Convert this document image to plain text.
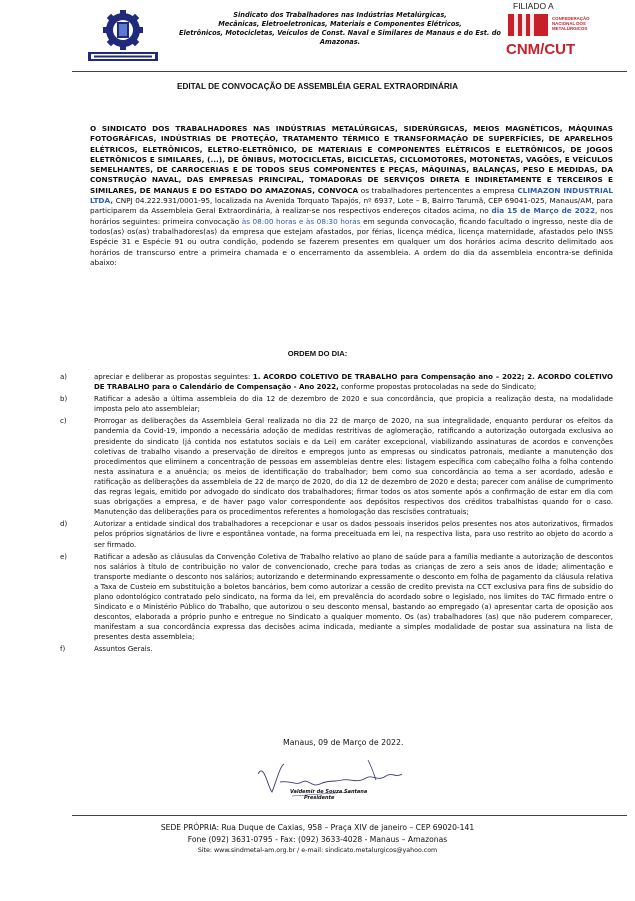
Sindicato dos Trabalhadores nas Indústrias Metalúrgicas,
Mecânicas, Eletroeletronicas, Materiais e Componentes Elétricos,
Eletrônicos, Motocicletas, Veículos de Const. Naval e Similares de Manaus e do Est. do
Amazonas.
FILIADO A
CONFEDERAÇÃO
NACIONAL DOS
METALÚRGICOS
CNM/CUT
EDITAL DE CONVOCAÇÃO DE ASSEMBLÉIA GERAL EXTRAORDINÁRIA
O SINDICATO DOS TRABALHADORES NAS INDÚSTRIAS METALÚRGICAS, SIDERÚRGICAS, MEIOS MAGNÉTICOS, MÁQUINAS FOTOGRÁFICAS, INDÚSTRIAS DE PROTEÇÃO, TRATAMENTO TÉRMICO E TRANSFORMAÇÃO DE SUPERFÍCIES, DE APARELHOS ELÉTRICOS, ELETRÔNICOS, ELETRO-ELETRÔNICO, DE MATERIAIS E COMPONENTES ELÉTRICOS E ELETRÔNICOS, DE JOGOS ELETRÔNICOS E SIMILARES, (...), DE ÔNIBUS, MOTOCICLETAS, BICICLETAS, CICLOMOTORES, MOTONETAS, VAGÕES, E VEÍCULOS SEMELHANTES, DE CARROCERIAS E DE TODOS SEUS COMPONENTES E PEÇAS, MÁQUINAS, BALANÇAS, PESO E MEDIDAS, DA CONSTRUÇÃO NAVAL, DAS EMPRESAS PRINCIPAL, TOMADORAS DE SERVIÇOS DIRETA E INDIRETAMENTE E TERCEIROS E SIMILARES, DE MANAUS E DO ESTADO DO AMAZONAS, CONVOCA os trabalhadores pertencentes a empresa CLIMAZON INDUSTRIAL LTDA, CNPJ 04.222.931/0001-95, localizada na Avenida Torquato Tapajós, nº 6937, Lote – B, Bairro Tarumã, CEP 69041-025, Manaus/AM, para participarem da Assembleia Geral Extraordinária, à realizar-se nos respectivos endereços citados acima, no dia 15 de Março de 2022, nos horários seguintes: primeira convocação às 08:00 horas e às 08:30 horas em segunda convocação, ficando facultado o ingresso, neste dia de todos(as) os(as) trabalhadores(as) da empresa que estejam afastados, por férias, licença médica, licença maternidade, afastados pelo INSS Espécie 31 e Espécie 91 ou outra condição, podendo se fazerem presentes em qualquer um dos horários acima descrito delimitado aos horários de transcurso entre a primeira chamada e o encerramento da assembleia. A ordem do dia da assembleia encontra-se definida abaixo:
ORDEM DO DIA:
a)	apreciar e deliberar as propostas seguintes: 1. ACORDO COLETIVO DE TRABALHO para Compensação ano – 2022; 2. ACORDO COLETIVO DE TRABALHO para o Calendário de Compensação - Ano 2022, conforme propostas protocoladas na sede do Sindicato;
b)	Ratificar a adesão a última assembleia do dia 12 de dezembro de 2020 e sua concordância, que propicia a realização desta, na modalidade imposta pelo ato assembleiar;
c)	Prorrogar as deliberações da Assembleia Geral realizada no dia 22 de março de 2020, na sua integralidade, enquanto perdurar os efeitos da pandemia da Covid-19, impondo a necessária adoção de medidas restritivas de aglomeração, ratificando a autorização outorgada exclusiva ao presidente do sindicato (já contida nos estatutos sociais e da Lei) em caráter excepcional, viabilizando assinaturas de acordos e convenções coletivas de trabalho visando a preservação de direitos e empregos junto as empresas ou sindicatos patronais, mediante a manutenção dos procedimentos que eliminem a concentração de pessoas em assembleias dentre eles: listagem específica com cabeçalho folha a folha contendo nesta assinatura e a anuência; os meios de identificação do trabalhador; bem como sua concordância ao tema a ser acordado, adesão e ratificação as deliberações da assembleia de 22 de março de 2020, do dia 12 de dezembro de 2020 e desta; parecer com análise de cumprimento das regras legais, emitido por advogado do sindicato dos trabalhadores; firmar todos os atos somente após a confirmação de estar em dia com suas obrigações a empresa, e de haver pago valor correspondente aos depósitos respectivos dos créditos trabalhistas quando for o caso. Manutenção das deliberações para os procedimentos referentes a homologação das rescisões contratuais;
d)	Autorizar a entidade sindical dos trabalhadores a recepcionar e usar os dados pessoais inseridos pelos presentes nos atos autorizativos, firmados pelos próprios signatários de livre e espontânea vontade, na forma preceituada em lei, na respectiva lista, para uso restrito ao objeto do acordo a ser firmado.
e)	Ratificar a adesão as cláusulas da Convenção Coletiva de Trabalho relativo ao plano de saúde para a família mediante a autorização de descontos nos salários à título de contribuição no valor de convencionado, creche para todas as crianças de zero a seis anos de idade; alimentação e transporte mediante o desconto nos salários; autorizando e determinando expressamente o desconto em folha de pagamento da cláusula relativa a Taxa de Custeio em substituição a boletos bancários, bem como autorizar a cessão de credito prevista na CCT exclusiva para fins de subsídio do plano odontológico contratado pelo sindicato, na forma da lei, em prevalência do acordado sobre o legislado, nos limites do TAC firmado entre o Sindicato e o Ministério Público do Trabalho, que autorizou o seu desconto mensal, bastando ao empregado (a) apresentar carta de oposição aos descontos, elaborada a próprio punho e entregue no Sindicato a qualquer momento. Os (as) trabalhadores (as) que não puderem comparecer, manifestam a sua concordância expressa das decisões acima indicada, mediante a simples modalidade de postar sua assinatura na lista de presentes desta assembleia;
f)	Assuntos Gerais.
Manaus, 09 de Março de 2022.
Valdemir de Souza Santana
Presidente
SEDE PRÓPRIA: Rua Duque de Caxias, 958 – Praça XIV de janeiro – CEP 69020-141
Fone (092) 3631-0795 - Fax: (092) 3633-4028 - Manaus – Amazonas
Site: www.sindmetal-am.org.br / e-mail: sindicato.metalurgicos@yahoo.com
